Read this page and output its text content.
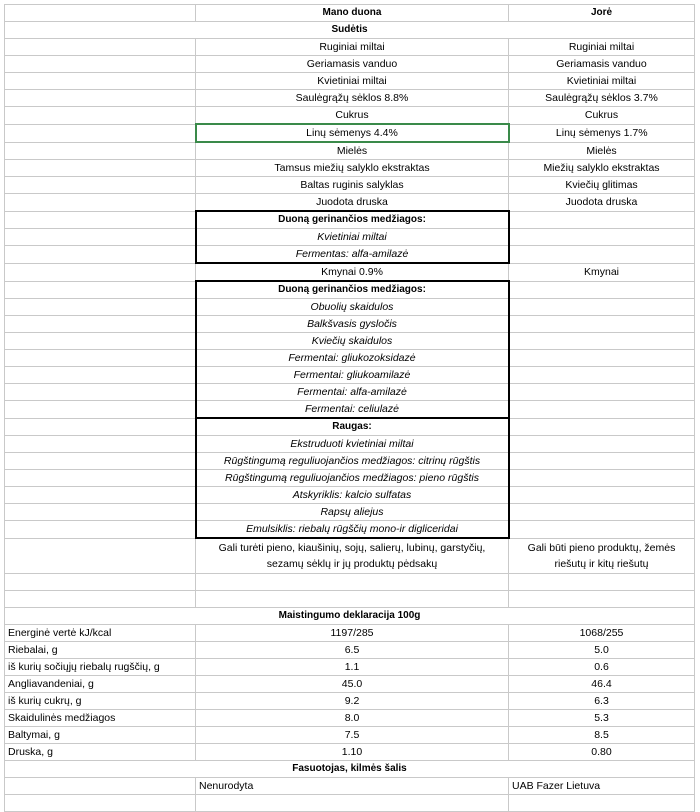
	Mano duona	Jorė
Sudėtis		
	Ruginiai miltai	Ruginiai miltai
	Geriamasis vanduo	Geriamasis vanduo
	Kvietiniai miltai	Kvietiniai miltai
	Saulėgrąžų sėklos 8.8%	Saulėgrąžų sėklos 3.7%
	Cukrus	Cukrus
	Linų sėmenys 4.4%	Linų sėmenys 1.7%
	Mielės	Mielės
	Tamsus miežių salyklo ekstraktas	Miežių salyklo ekstraktas
	Baltas ruginis salyklas	Kviečių glitimas
	Juodota druska	Juodota druska
	Duoną gerinančios medžiagos:	
	Kvietiniai miltai	
	Fermentas: alfa-amilazė	
	Kmynai 0.9%	Kmynai
	Duoną gerinančios medžiagos:	
	Obuolių skaidulos	
	Balkšvasis gysločis	
	Kviečių skaidulos	
	Fermentai: gliukozoksidazė	
	Fermentai: gliukoamilazė	
	Fermentai: alfa-amilazė	
	Fermentai: celiulazė	
	Raugas:	
	Ekstruduoti kvietiniai miltai	
	Rūgštingumą reguliuojančios medžiagos: citrinų rūgštis	
	Rūgštingumą reguliuojančios medžiagos: pieno rūgštis	
	Atskyriklis: kalcio sulfatas	
	Rapsų aliejus	
	Emulsiklis: riebalų rūgščių mono-ir digliceridai	
	Gali turėti pieno, kiaušinių, sojų, salierų, lubinų, garstyčių, sezamų sėklų ir jų produktų pėdsakų	Gali būti pieno produktų, žemės riešutų ir kitų riešutų

Maistingumo deklaracija 100g		
Energinė vertė kJ/kcal	1197/285	1068/255
Riebalai, g	6.5	5.0
iš kurių sočiųjų riebalų rugščių, g	1.1	0.6
Angliavandeniai, g	45.0	46.4
iš kurių cukrų, g	9.2	6.3
Skaidulinės medžiagos	8.0	5.3
Baltymai, g	7.5	8.5
Druska, g	1.10	0.80
Fasuotojas, kilmės šalis		
	Nenurodyta	UAB Fazer Lietuva
